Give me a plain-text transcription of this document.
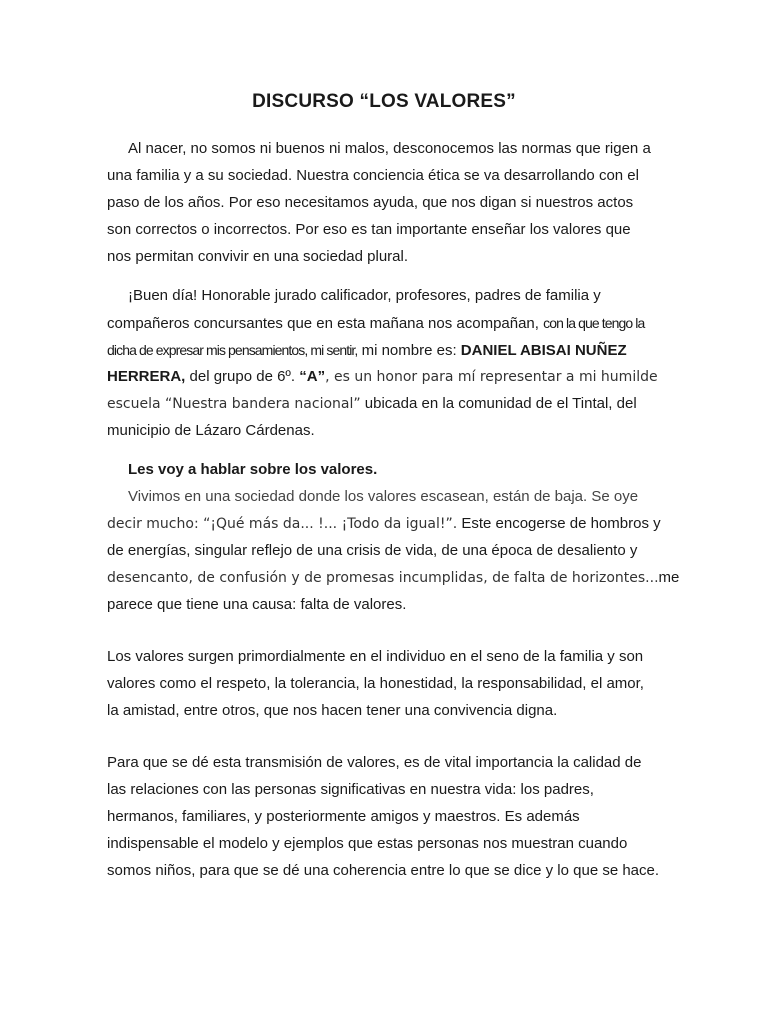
DISCURSO “LOS VALORES”
Al nacer, no somos ni buenos ni malos, desconocemos las normas que rigen a
una familia y a su sociedad. Nuestra conciencia ética se va desarrollando con el
paso de los años. Por eso necesitamos ayuda, que nos digan si nuestros actos
son correctos o incorrectos. Por eso es tan importante enseñar los valores que
nos permitan convivir en una sociedad plural.
¡Buen día! Honorable jurado calificador, profesores, padres de familia y
compañeros concursantes que en esta mañana nos acompañan, con la que tengo la
dicha de expresar mis pensamientos, mi sentir, mi nombre es: DANIEL ABISAI NUÑEZ
HERRERA, del grupo de 6º. “A”, es un honor para mí representar a mi humilde
escuela “Nuestra bandera nacional” ubicada en la comunidad de el Tintal, del
municipio de Lázaro Cárdenas.
Les voy a hablar sobre los valores.
Vivimos en una sociedad donde los valores escasean, están de baja. Se oye
decir mucho: “¡Qué más da... !... ¡Todo da igual!”. Este encogerse de hombros y
de energías, singular reflejo de una crisis de vida, de una época de desaliento y
desencanto, de confusión y de promesas incumplidas, de falta de horizontes...me
parece que tiene una causa: falta de valores.
Los valores surgen primordialmente en el individuo en el seno de la familia y son
valores como el respeto, la tolerancia, la honestidad, la responsabilidad, el amor,
la amistad, entre otros, que nos hacen tener una convivencia digna.
Para que se dé esta transmisión de valores, es de vital importancia la calidad de
las relaciones con las personas significativas en nuestra vida: los padres,
hermanos, familiares, y posteriormente amigos y maestros. Es además
indispensable el modelo y ejemplos que estas personas nos muestran cuando
somos niños, para que se dé una coherencia entre lo que se dice y lo que se hace.
